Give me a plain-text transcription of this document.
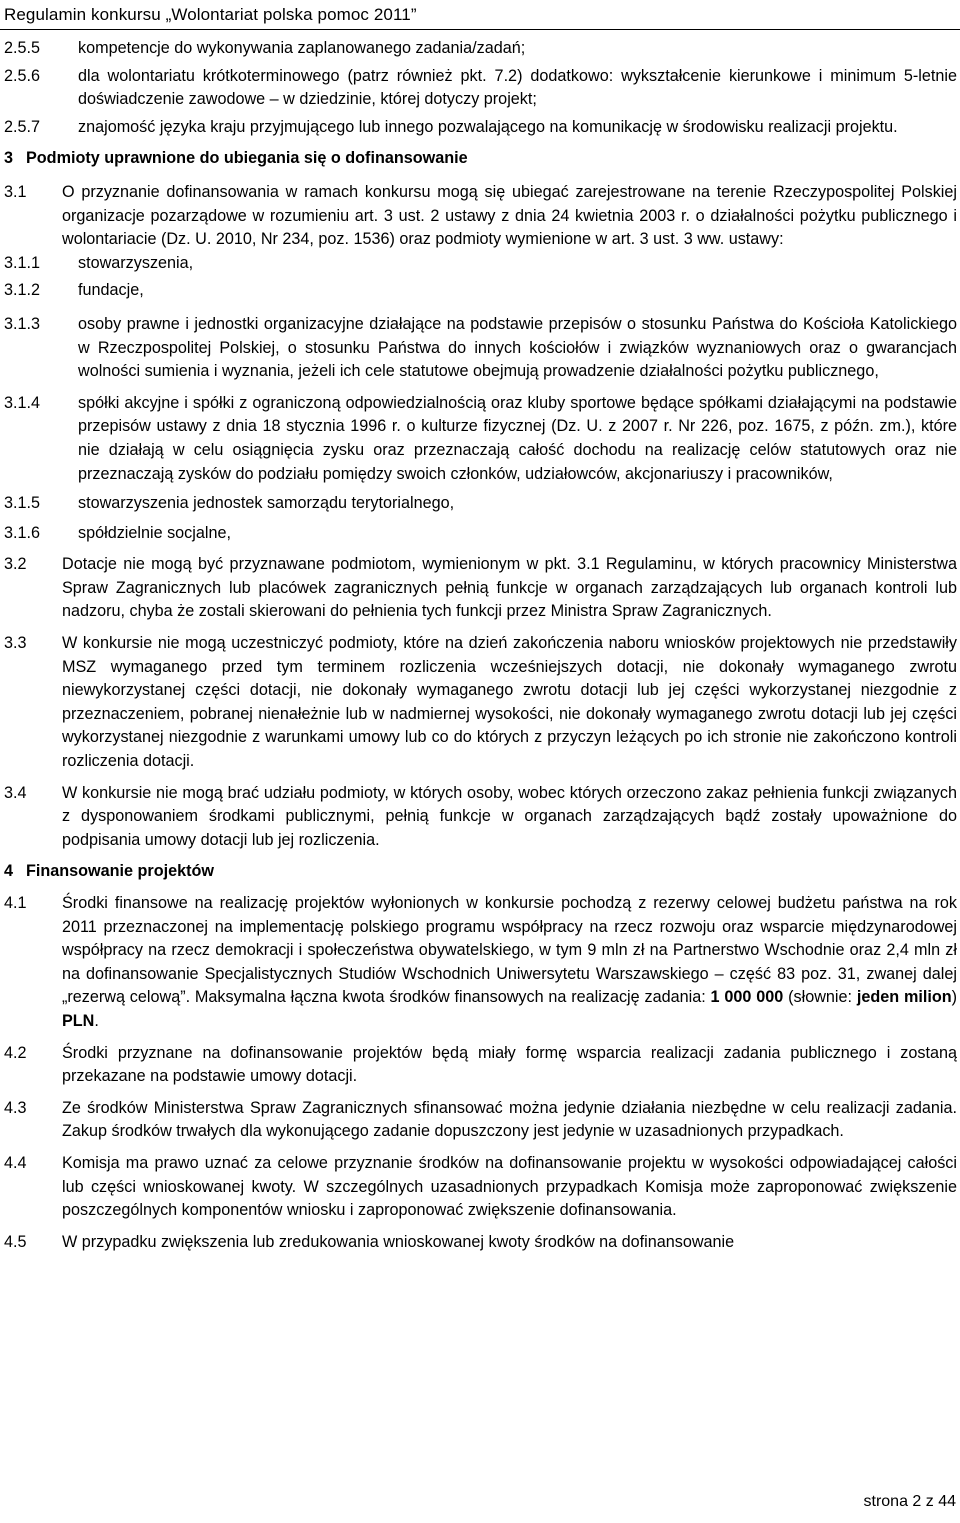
Regulamin konkursu „Wolontariat polska pomoc 2011”
2.5.5	kompetencje do wykonywania zaplanowanego zadania/zadań;
2.5.6	dla wolontariatu krótkoterminowego (patrz również pkt. 7.2) dodatkowo: wykształcenie kierunkowe i minimum 5-letnie doświadczenie zawodowe – w dziedzinie, której dotyczy projekt;
2.5.7	znajomość języka kraju przyjmującego lub innego pozwalającego na komunikację w środowisku realizacji projektu.
3 Podmioty uprawnione do ubiegania się o dofinansowanie
3.1	O przyznanie dofinansowania w ramach konkursu mogą się ubiegać zarejestrowane na terenie Rzeczypospolitej Polskiej organizacje pozarządowe w rozumieniu art. 3 ust. 2 ustawy z dnia 24 kwietnia 2003 r. o działalności pożytku publicznego i wolontariacie (Dz. U. 2010, Nr 234, poz. 1536) oraz podmioty wymienione w art. 3 ust. 3 ww. ustawy:
3.1.1	stowarzyszenia,
3.1.2	fundacje,
3.1.3	osoby prawne i jednostki organizacyjne działające na podstawie przepisów o stosunku Państwa do Kościoła Katolickiego w Rzeczpospolitej Polskiej, o stosunku Państwa do innych kościołów i związków wyznaniowych oraz o gwarancjach wolności sumienia i wyznania, jeżeli ich cele statutowe obejmują prowadzenie działalności pożytku publicznego,
3.1.4	spółki akcyjne i spółki z ograniczoną odpowiedzialnością oraz kluby sportowe będące spółkami działającymi na podstawie przepisów ustawy z dnia 18 stycznia 1996 r. o kulturze fizycznej (Dz. U. z 2007 r. Nr 226, poz. 1675, z późn. zm.), które nie działają w celu osiągnięcia zysku oraz przeznaczają całość dochodu na realizację celów statutowych oraz nie przeznaczają zysków do podziału pomiędzy swoich członków, udziałowców, akcjonariuszy i pracowników,
3.1.5	stowarzyszenia jednostek samorządu terytorialnego,
3.1.6	spółdzielnie socjalne,
3.2	Dotacje nie mogą być przyznawane podmiotom, wymienionym w pkt. 3.1 Regulaminu, w których pracownicy Ministerstwa Spraw Zagranicznych lub placówek zagranicznych pełnią funkcje w organach zarządzających lub organach kontroli lub nadzoru, chyba że zostali skierowani do pełnienia tych funkcji przez Ministra Spraw Zagranicznych.
3.3	W konkursie nie mogą uczestniczyć podmioty, które na dzień zakończenia naboru wniosków projektowych nie przedstawiły MSZ wymaganego przed tym terminem rozliczenia wcześniejszych dotacji, nie dokonały wymaganego zwrotu niewykorzystanej części dotacji, nie dokonały wymaganego zwrotu dotacji lub jej części wykorzystanej niezgodnie z przeznaczeniem, pobranej nienałeżnie lub w nadmiernej wysokości, nie dokonały wymaganego zwrotu dotacji lub jej części wykorzystanej niezgodnie z warunkami umowy lub co do których z przyczyn leżących po ich stronie nie zakończono kontroli rozliczenia dotacji.
3.4	W konkursie nie mogą brać udziału podmioty, w których osoby, wobec których orzeczono zakaz pełnienia funkcji związanych z dysponowaniem środkami publicznymi, pełnią funkcje w organach zarządzających bądź zostały upoważnione do podpisania umowy dotacji lub jej rozliczenia.
4 Finansowanie projektów
4.1	Środki finansowe na realizację projektów wyłonionych w konkursie pochodzą z rezerwy celowej budżetu państwa na rok 2011 przeznaczonej na implementację polskiego programu współpracy na rzecz rozwoju oraz wsparcie międzynarodowej współpracy na rzecz demokracji i społeczeństwa obywatelskiego, w tym 9 mln zł na Partnerstwo Wschodnie oraz 2,4 mln zł na dofinansowanie Specjalistycznych Studiów Wschodnich Uniwersytetu Warszawskiego – część 83 poz. 31, zwanej dalej „rezerwą celową”. Maksymalna łączna kwota środków finansowych na realizację zadania: 1 000 000 (słownie: jeden milion) PLN.
4.2	Środki przyznane na dofinansowanie projektów będą miały formę wsparcia realizacji zadania publicznego i zostaną przekazane na podstawie umowy dotacji.
4.3	Ze środków Ministerstwa Spraw Zagranicznych sfinansować można jedynie działania niezbędne w celu realizacji zadania. Zakup środków trwałych dla wykonującego zadanie dopuszczony jest jedynie w uzasadnionych przypadkach.
4.4	Komisja ma prawo uznać za celowe przyznanie środków na dofinansowanie projektu w wysokości odpowiadającej całości lub części wnioskowanej kwoty. W szczególnych uzasadnionych przypadkach Komisja może zaproponować zwiększenie poszczególnych komponentów wniosku i zaproponować zwiększenie dofinansowania.
4.5	W przypadku zwiększenia lub zredukowania wnioskowanej kwoty środków na dofinansowanie
strona 2 z 44
